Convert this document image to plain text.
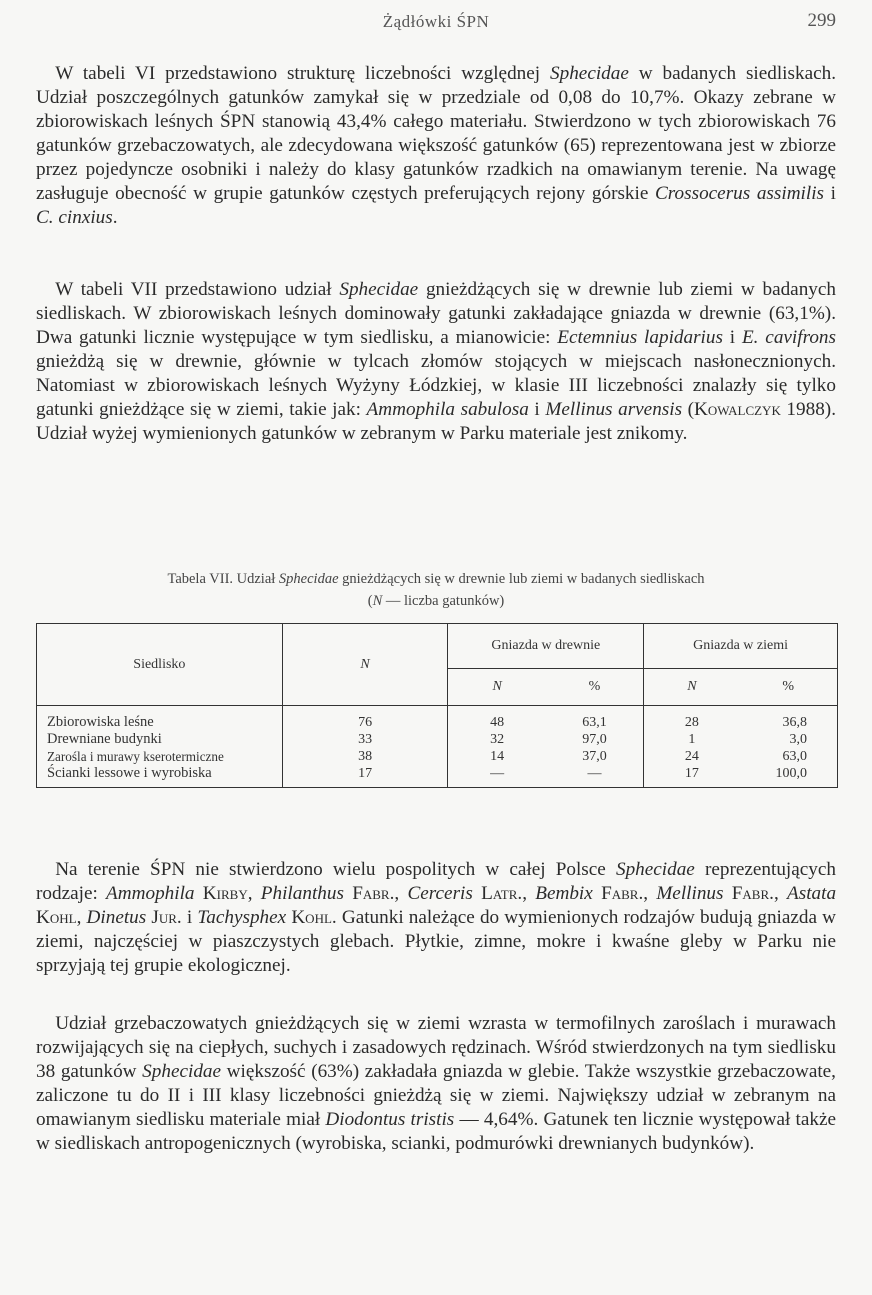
Żądłówki ŚPN	299

 W tabeli VI przedstawiono strukturę liczebności względnej Sphecidae w badanych siedliskach. Udział poszczególnych gatunków zamykał się w przedziale od 0,08 do 10,7%. Okazy zebrane w zbiorowiskach leśnych ŚPN stanowią 43,4% całego materiału. Stwierdzono w tych zbiorowiskach 76 gatunków grzebaczowatych, ale zdecydowana większość gatunków (65) reprezentowana jest w zbiorze przez pojedyncze osobniki i należy do klasy gatunków rzadkich na omawianym terenie. Na uwagę zasługuje obecność w grupie gatunków częstych preferujących rejony górskie Crossocerus assimilis i C. cinxius.

 W tabeli VII przedstawiono udział Sphecidae gnieżdżących się w drewnie lub ziemi w badanych siedliskach. W zbiorowiskach leśnych dominowały gatunki zakładające gniazda w drewnie (63,1%). Dwa gatunki licznie występujące w tym siedlisku, a mianowicie: Ectemnius lapidarius i E. cavifrons gnieżdżą się w drewnie, głównie w tylcach złomów stojących w miejscach nasłonecznionych. Natomiast w zbiorowiskach leśnych Wyżyny Łódzkiej, w klasie III liczebności znalazły się tylko gatunki gnieżdżące się w ziemi, takie jak: Ammophila sabulosa i Mellinus arvensis (Kowalczyk 1988). Udział wyżej wymienionych gatunków w zebranym w Parku materiale jest znikomy.

Tabela VII. Udział Sphecidae gnieżdżących się w drewnie lub ziemi w badanych siedliskach
(N — liczba gatunków)
Siedlisko	N	Gniazda w drewnie		Gniazda w ziemi	
		N	%	N	%
Zbiorowiska leśne	76	48	63,1	28	36,8
Drewniane budynki	33	32	97,0	1	3,0
Zarośla i murawy kserotermiczne	38	14	37,0	24	63,0
Ścianki lessowe i wyrobiska	17	—	—	17	100,0

 Na terenie ŚPN nie stwierdzono wielu pospolitych w całej Polsce Sphecidae reprezentujących rodzaje: Ammophila Kirby, Philanthus Fabr., Cerceris Latr., Bembix Fabr., Mellinus Fabr., Astata Kohl, Dinetus Jur. i Tachysphex Kohl. Gatunki należące do wymienionych rodzajów budują gniazda w ziemi, najczęściej w piaszczystych glebach. Płytkie, zimne, mokre i kwaśne gleby w Parku nie sprzyjają tej grupie ekologicznej.

 Udział grzebaczowatych gnieżdżących się w ziemi wzrasta w termofilnych zaroślach i murawach rozwijających się na ciepłych, suchych i zasadowych rędzinach. Wśród stwierdzonych na tym siedlisku 38 gatunków Sphecidae większość (63%) zakładała gniazda w glebie. Także wszystkie grzebaczowate, zaliczone tu do II i III klasy liczebności gnieżdżą się w ziemi. Największy udział w zebranym na omawianym siedlisku materiale miał Diodontus tristis — 4,64%. Gatunek ten licznie występował także w siedliskach antropogenicznych (wyrobiska, scianki, podmurówki drewnianych budynków).
